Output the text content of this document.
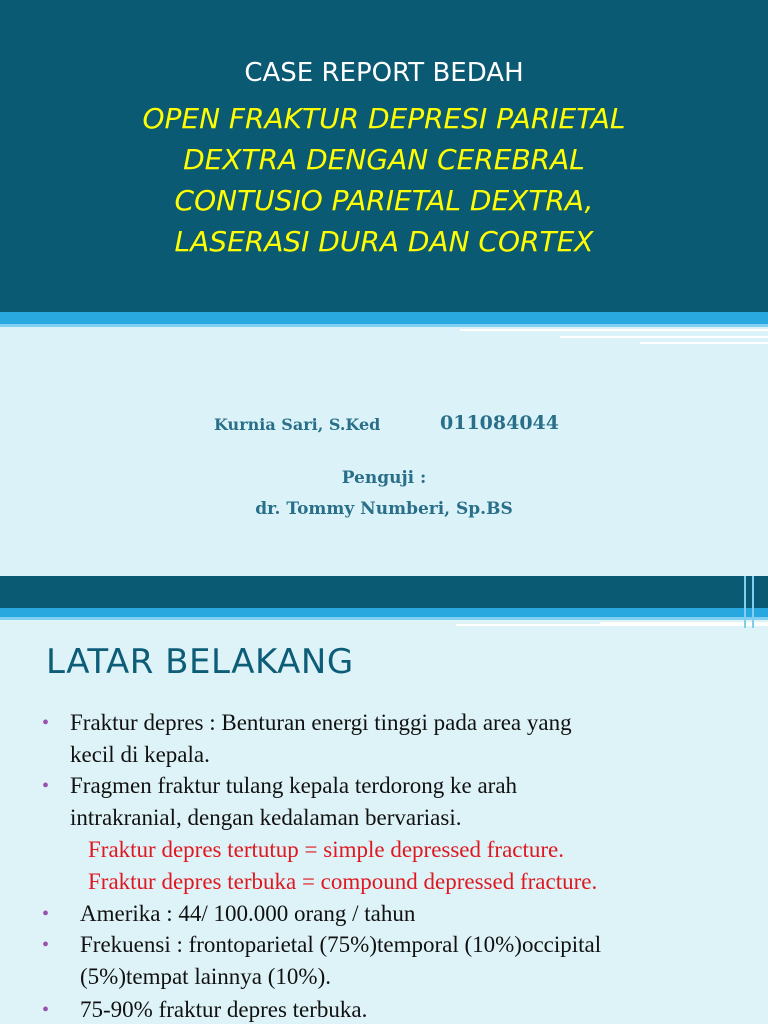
CASE REPORT BEDAH
OPEN FRAKTUR DEPRESI PARIETAL
DEXTRA DENGAN CEREBRAL
CONTUSIO PARIETAL DEXTRA,
LASERASI DURA DAN CORTEX
Kurnia Sari, S.Ked	011084044
Penguji :
dr. Tommy Numberi, Sp.BS
LATAR BELAKANG
• Fraktur depres : Benturan energi tinggi pada area yang
kecil di kepala.
• Fragmen fraktur tulang kepala terdorong ke arah
intrakranial, dengan kedalaman bervariasi.
Fraktur depres tertutup = simple depressed fracture.
Fraktur depres terbuka = compound depressed fracture.
• Amerika : 44/ 100.000 orang / tahun
• Frekuensi : frontoparietal (75%)temporal (10%)occipital
(5%)tempat lainnya (10%).
• 75-90% fraktur depres terbuka.
